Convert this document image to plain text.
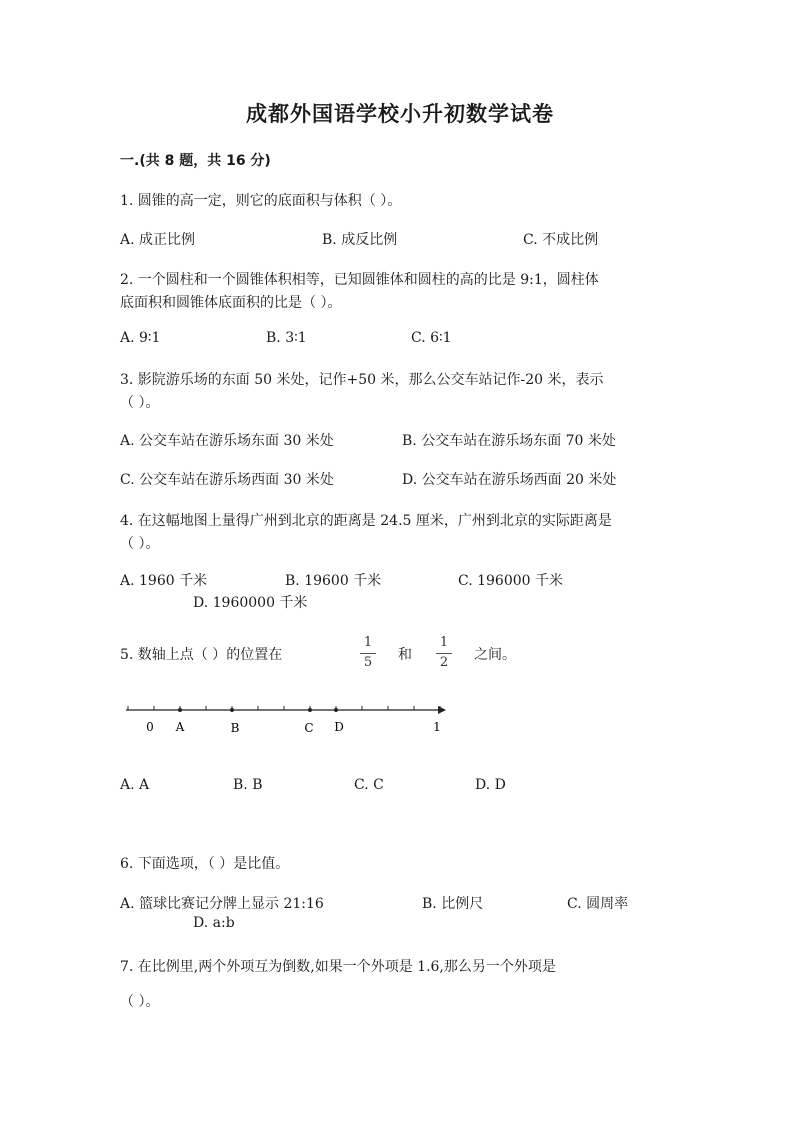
成都外国语学校小升初数学试卷
一.(共 8 题，共 16 分)
1. 圆锥的高一定，则它的底面积与体积（ ）。
A. 成正比例	B. 成反比例	C. 不成比例
2. 一个圆柱和一个圆锥体积相等，已知圆锥体和圆柱的高的比是 9:1，圆柱体
底面积和圆锥体底面积的比是（ ）。
A. 9∶1	B. 3∶1	C. 6∶1
3. 影院游乐场的东面 50 米处，记作+50 米，那么公交车站记作-20 米，表示
（ ）。
A. 公交车站在游乐场东面 30 米处	B. 公交车站在游乐场东面 70 米处
C. 公交车站在游乐场西面 30 米处	D. 公交车站在游乐场西面 20 米处
4. 在这幅地图上量得广州到北京的距离是 24.5 厘米，广州到北京的实际距离是
（ ）。
A. 1960 千米	B. 19600 千米	C. 196000 千米
D. 1960000 千米
5. 数轴上点（ ）的位置在
1
5	和
1
2	之间。
0 A	B	C D	1
A. A	B. B	C. C	D. D
6. 下面选项，（ ）是比值。
A. 篮球比赛记分牌上显示 21:16	B. 比例尺	C. 圆周率
D. a:b
7. 在比例里,两个外项互为倒数,如果一个外项是 1.6,那么另一个外项是
（ ）。
